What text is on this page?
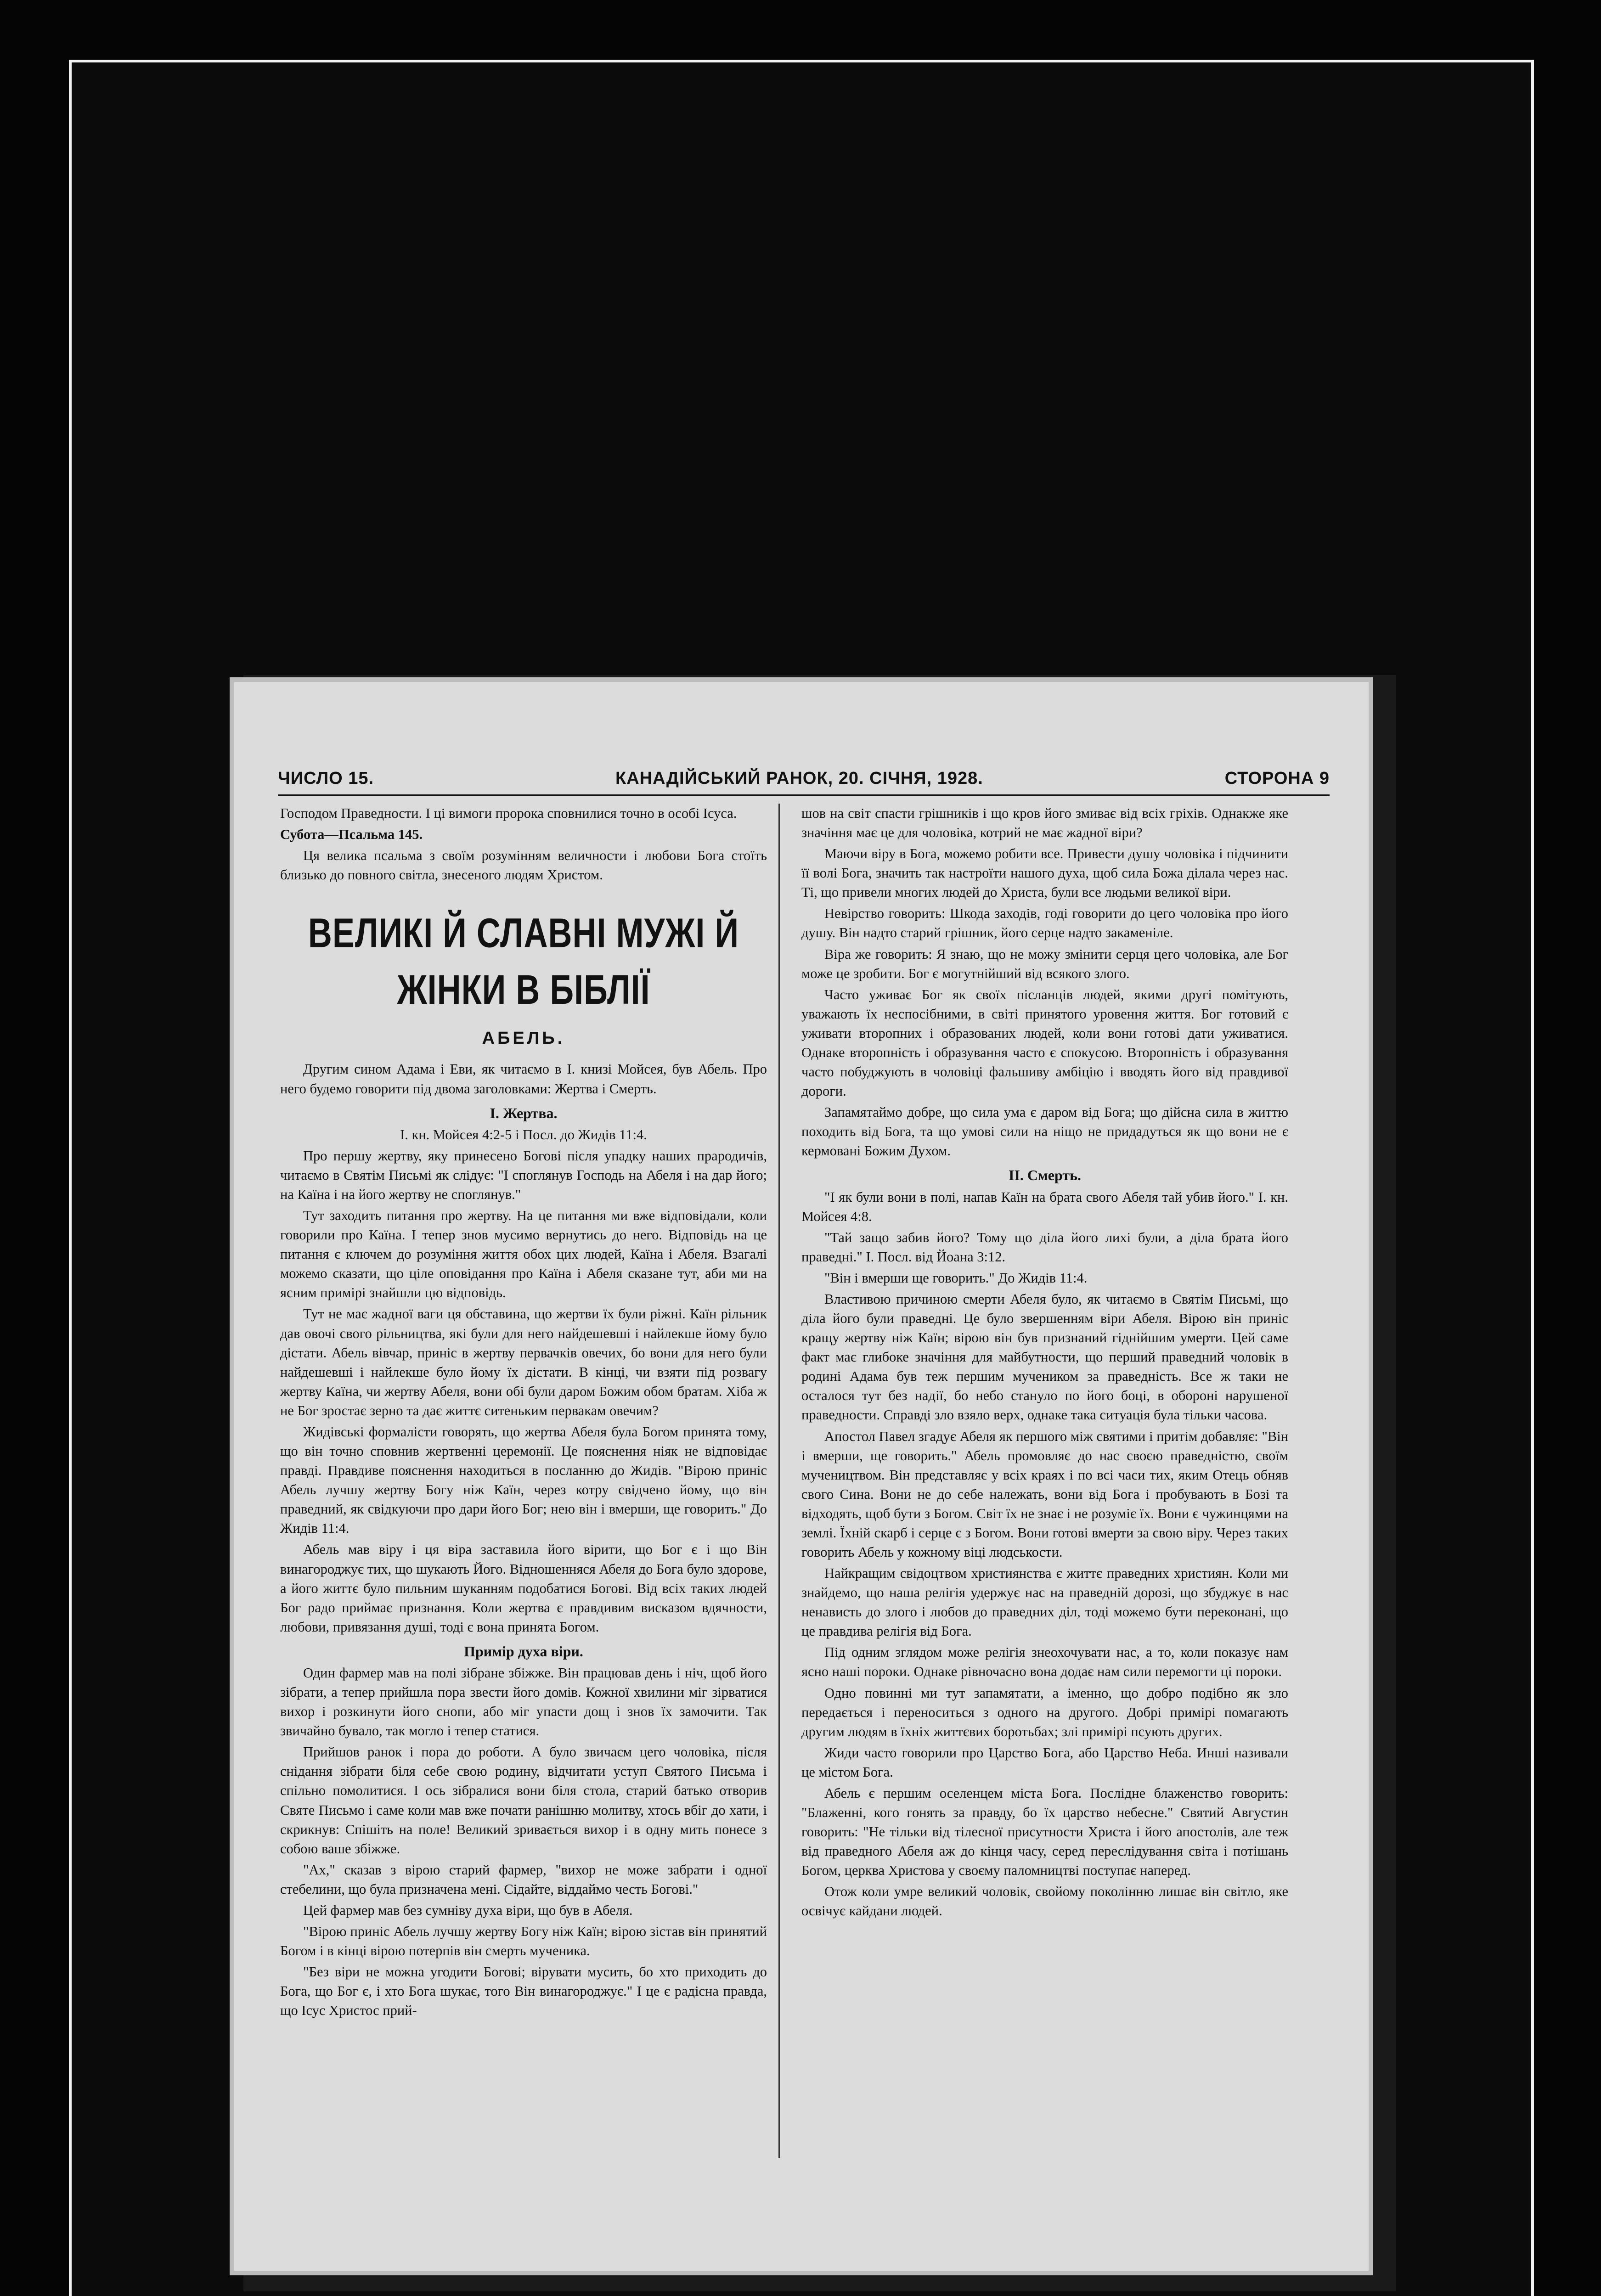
ЧИСЛО 15.	КАНАДІЙСЬКИЙ РАНОК, 20. СІЧНЯ, 1928.	СТОРОНА 9

Господом Праведности. І ці вимоги пророка сповнилися точно в особі Ісуса.

Субота—Псальма 145.

Ця велика псальма з своїм розумінням величности і любови Бога стоїть близько до повного світла, знесеного людям Христом.

ВЕЛИКІ Й СЛАВНІ МУЖІ Й ЖІНКИ В БІБЛІЇ
АБЕЛЬ.

Другим сином Адама і Еви, як читаємо в І. книзі Мойсея, був Абель. Про него будемо говорити під двома заголовками: Жертва і Смерть.

І. Жертва.

І. кн. Мойсея 4:2-5 і Посл. до Жидів 11:4.

Про першу жертву, яку принесено Богові після упадку наших прародичів, читаємо в Святім Письмі як слідує: "І споглянув Господь на Абеля і на дар його; на Каїна і на його жертву не споглянув."

Тут заходить питання про жертву. На це питання ми вже відповідали, коли говорили про Каїна. І тепер знов мусимо вернутись до него. Відповідь на це питання є ключем до розуміння життя обох цих людей, Каїна і Абеля. Взагалі можемо сказати, що ціле оповідання про Каїна і Абеля сказане тут, аби ми на ясним примірі знайшли цю відповідь.

Тут не має жадної ваги ця обставина, що жертви їх були ріжні. Каїн рільник дав овочі свого рільництва, які були для него найдешевші і найлекше йому було дістати. Абель вівчар, приніс в жертву первачків овечих, бо вони для него були найдешевші і найлекше було йому їх дістати. В кінці, чи взяти під розвагу жертву Каїна, чи жертву Абеля, вони обі були даром Божим обом братам. Хіба ж не Бог зростає зерно та дає життє ситеньким первакам овечим?

Жидівські формалісти говорять, що жертва Абеля була Богом принята тому, що він точно сповнив жертвенні церемонії. Це пояснення ніяк не відповідає правді. Правдиве пояснення находиться в посланню до Жидів. "Вірою приніс Абель лучшу жертву Богу ніж Каїн, через котру свідчено йому, що він праведний, як свідкуючи про дари його Бог; нею він і вмерши, ще говорить." До Жидів 11:4.

Абель мав віру і ця віра заставила його вірити, що Бог є і що Він винагороджує тих, що шукають Його. Відношенняся Абеля до Бога було здорове, а його життє було пильним шуканням подобатися Богові. Від всіх таких людей Бог радо приймає признання. Коли жертва є правдивим висказом вдячности, любови, привязання душі, тоді є вона принята Богом.

Примір духа віри.

Один фармер мав на полі зібране збіжже. Він працював день і ніч, щоб його зібрати, а тепер прийшла пора звести його домів. Кожної хвилини міг зірватися вихор і розкинути його снопи, або міг упасти дощ і знов їх замочити. Так звичайно бувало, так могло і тепер статися.

Прийшов ранок і пора до роботи. А було звичаєм цего чоловіка, після снідання зібрати біля себе свою родину, відчитати уступ Святого Письма і спільно помолитися. І ось зібралися вони біля стола, старий батько отворив Святе Письмо і саме коли мав вже почати ранішню молитву, хтось вбіг до хати, і скрикнув: Спішіть на поле! Великий зривається вихор і в одну мить понесе з собою ваше збіжже.

"Ах," сказав з вірою старий фармер, "вихор не може забрати і одної стебелини, що була призначена мені. Сідайте, віддаймо честь Богові."

Цей фармер мав без сумніву духа віри, що був в Абеля.

"Вірою приніс Абель лучшу жертву Богу ніж Каїн; вірою зістав він принятий Богом і в кінці вірою потерпів він смерть мученика.

"Без віри не можна угодити Богові; вірувати мусить, бо хто приходить до Бога, що Бог є, і хто Бога шукає, того Він винагороджує." І це є радісна правда, що Ісус Христос прий-

шов на світ спасти грішників і що кров його змиває від всіх гріхів. Однакже яке значіння має це для чоловіка, котрий не має жадної віри?

Маючи віру в Бога, можемо робити все. Привести душу чоловіка і підчинити її волі Бога, значить так настроїти нашого духа, щоб сила Божа ділала через нас. Ті, що привели многих людей до Христа, були все людьми великої віри.

Невірство говорить: Шкода заходів, годі говорити до цего чоловіка про його душу. Він надто старий грішник, його серце надто закаменіле.

Віра же говорить: Я знаю, що не можу змінити серця цего чоловіка, але Бог може це зробити. Бог є могутнійший від всякого злого.

Часто уживає Бог як своїх післанців людей, якими другі помітують, уважають їх неспосібними, в світі принятого уровення життя. Бог готовий є уживати второпних і образованих людей, коли вони готові дати уживатися. Однаке второпність і образування часто є спокусою. Второпність і образування часто побуджують в чоловіці фальшиву амбіцію і вводять його від правдивої дороги.

Запамятаймо добре, що сила ума є даром від Бога; що дійсна сила в життю походить від Бога, та що умові сили на ніщо не придадуться як що вони не є кермовані Божим Духом.

ІІ. Смерть.

"І як були вони в полі, напав Каїн на брата свого Абеля тай убив його." І. кн. Мойсея 4:8.

"Тай защо забив його? Тому що діла його лихі були, а діла брата його праведні." І. Посл. від Йоана 3:12.

"Він і вмерши ще говорить." До Жидів 11:4.

Властивою причиною смерти Абеля було, як читаємо в Святім Письмі, що діла його були праведні. Це було звершенням віри Абеля. Вірою він приніс кращу жертву ніж Каїн; вірою він був признаний гіднійшим умерти. Цей саме факт має глибоке значіння для майбутности, що перший праведний чоловік в родині Адама був теж першим мучеником за праведність. Все ж таки не осталося тут без надії, бо небо стануло по його боці, в обороні нарушеної праведности. Справді зло взяло верх, однаке така ситуація була тільки часова.

Апостол Павел згадує Абеля як першого між святими і притім добавляє: "Він і вмерши, ще говорить." Абель промовляє до нас своєю праведністю, своїм мучеництвом. Він представляє у всіх краях і по всі часи тих, яким Отець обняв свого Сина. Вони не до себе належать, вони від Бога і пробувають в Бозі та відходять, щоб бути з Богом. Світ їх не знає і не розуміє їх. Вони є чужинцями на землі. Їхній скарб і серце є з Богом. Вони готові вмерти за свою віру. Через таких говорить Абель у кожному віці людськости.

Найкращим свідоцтвом християнства є життє праведних християн. Коли ми знайдемо, що наша релігія удержує нас на праведній дорозі, що збуджує в нас ненависть до злого і любов до праведних діл, тоді можемо бути переконані, що це правдива релігія від Бога.

Під одним зглядом може релігія знеохочувати нас, а то, коли показує нам ясно наші пороки. Однаке рівночасно вона додає нам сили перемогти ці пороки.

Одно повинні ми тут запамятати, а іменно, що добро подібно як зло передається і переноситься з одного на другого. Добрі примірі помагають другим людям в їхніх життєвих боротьбах; злі примірі псують других.

Жиди часто говорили про Царство Бога, або Царство Неба. Инші називали це містом Бога.

Абель є першим оселенцем міста Бога. Послідне блаженство говорить: "Блаженні, кого гонять за правду, бо їх царство небесне." Святий Августин говорить: "Не тільки від тілесної присутности Христа і його апостолів, але теж від праведного Абеля аж до кінця часу, серед переслідування світа і потішань Богом, церква Христова у своєму паломництві поступає наперед.

Отож коли умре великий чоловік, свойому поколінню лишає він світло, яке освічує кайдани людей.
